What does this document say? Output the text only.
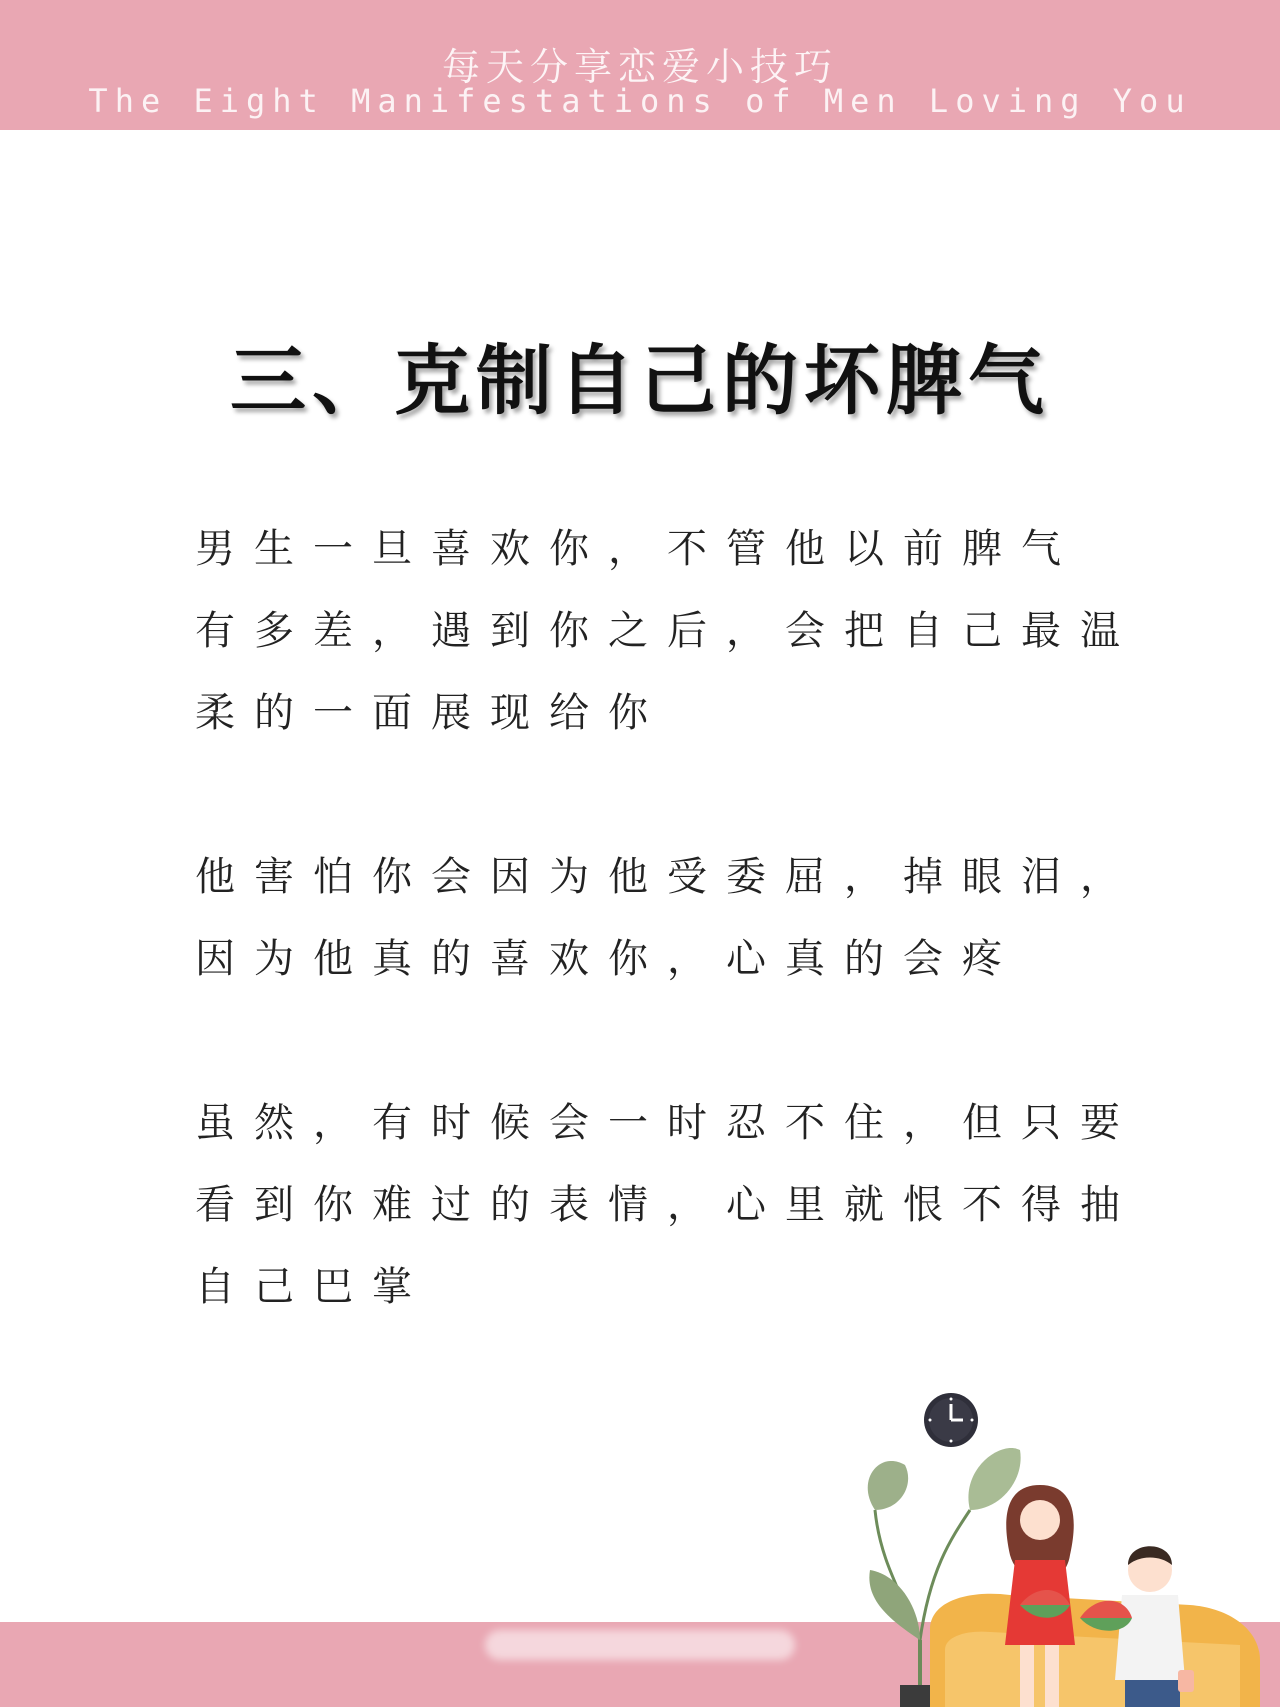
每天分享恋爱小技巧
The Eight Manifestations of Men Loving You
三、克制自己的坏脾气
男生一旦喜欢你，不管他以前脾气
有多差，遇到你之后，会把自己最温
柔的一面展现给你
他害怕你会因为他受委屈，掉眼泪，
因为他真的喜欢你，心真的会疼
虽然，有时候会一时忍不住，但只要
看到你难过的表情，心里就恨不得抽
自己巴掌
